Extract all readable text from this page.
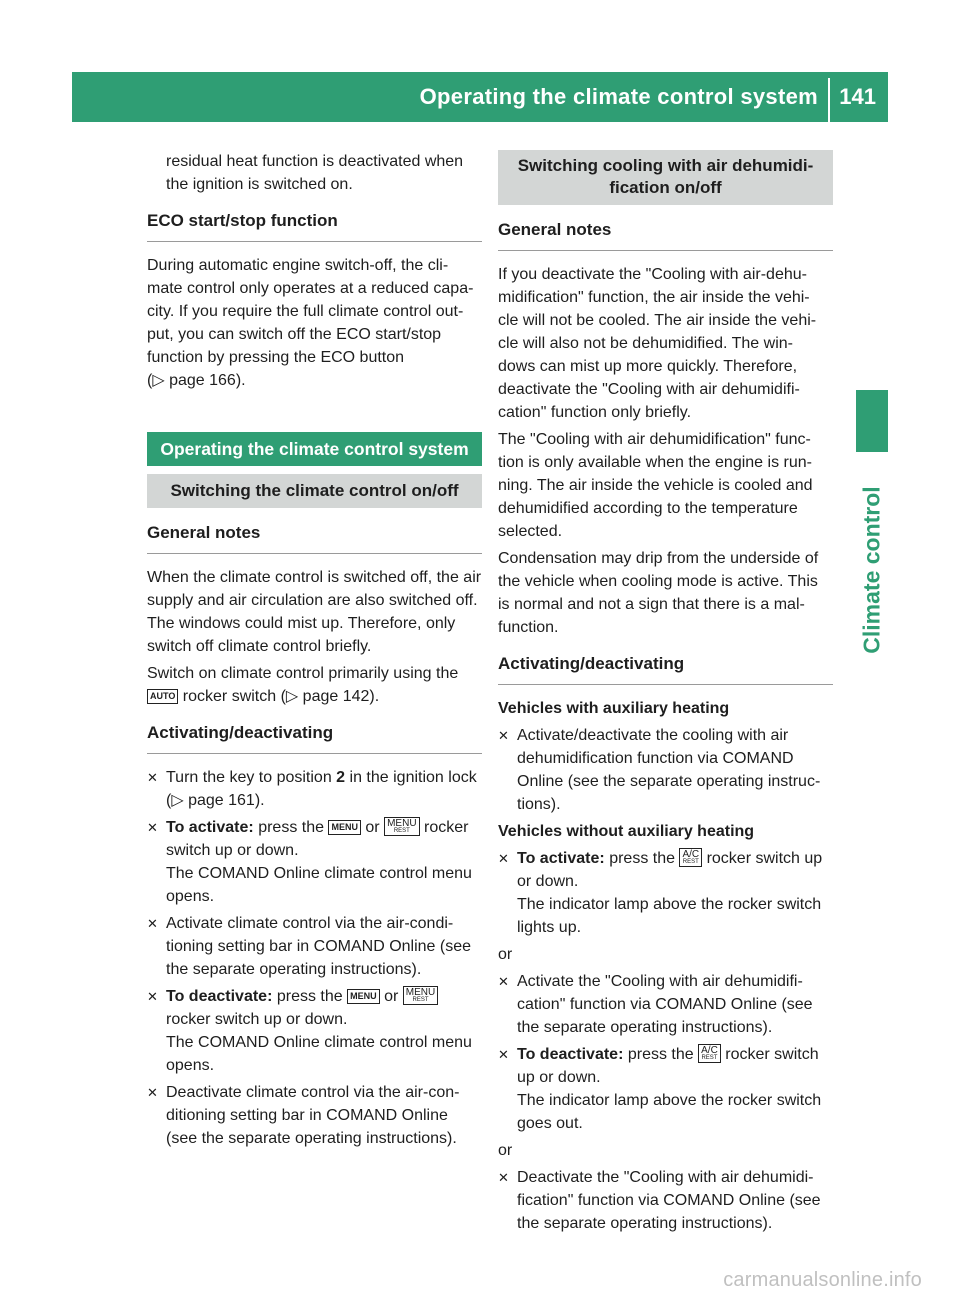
Operating the climate control system 141
Climate control

residual heat function is deactivated when the ignition is switched on.

ECO start/stop function

During automatic engine switch-off, the cli- mate control only operates at a reduced capa- city. If you require the full climate control out- put, you can switch off the ECO start/stop function by pressing the ECO button
(▷ page 166).

Operating the climate control system
Switching the climate control on/off
General notes

When the climate control is switched off, the air supply and air circulation are also switched off. The windows could mist up. Therefore, only switch off climate control briefly.

Switch on climate control primarily using the AUTO rocker switch (▷ page 142).

Activating/deactivating
✕ Turn the key to position 2 in the ignition lock (▷ page 161).
✕ To activate: press the MENU or MENU
REST rocker switch up or down.
The COMAND Online climate control menu opens.
✕ Activate climate control via the air-condi- tioning setting bar in COMAND Online (see the separate operating instructions).
✕ To deactivate: press the MENU or MENU
REST
rocker switch up or down.
The COMAND Online climate control menu opens.
✕ Deactivate climate control via the air-con- ditioning setting bar in COMAND Online (see the separate operating instructions).
Switching cooling with air dehumidi- fication on/off
General notes

If you deactivate the "Cooling with air-dehu- midification" function, the air inside the vehi- cle will not be cooled. The air inside the vehi- cle will also not be dehumidified. The win- dows can mist up more quickly. Therefore, deactivate the "Cooling with air dehumidifi- cation" function only briefly.

The "Cooling with air dehumidification" func- tion is only available when the engine is run- ning. The air inside the vehicle is cooled and dehumidified according to the temperature selected.

Condensation may drip from the underside of the vehicle when cooling mode is active. This is normal and not a sign that there is a mal- function.

Activating/deactivating

Vehicles with auxiliary heating

✕ Activate/deactivate the cooling with air dehumidification function via COMAND Online (see the separate operating instruc- tions).

Vehicles without auxiliary heating

✕ To activate: press the A/C
REST rocker switch up or down.
The indicator lamp above the rocker switch lights up.

or

✕ Activate the "Cooling with air dehumidifi- cation" function via COMAND Online (see the separate operating instructions).
✕ To deactivate: press the A/C
REST rocker switch up or down.
The indicator lamp above the rocker switch goes out.

or

✕ Deactivate the "Cooling with air dehumidi- fication" function via COMAND Online (see the separate operating instructions).
carmanualsonline.info
